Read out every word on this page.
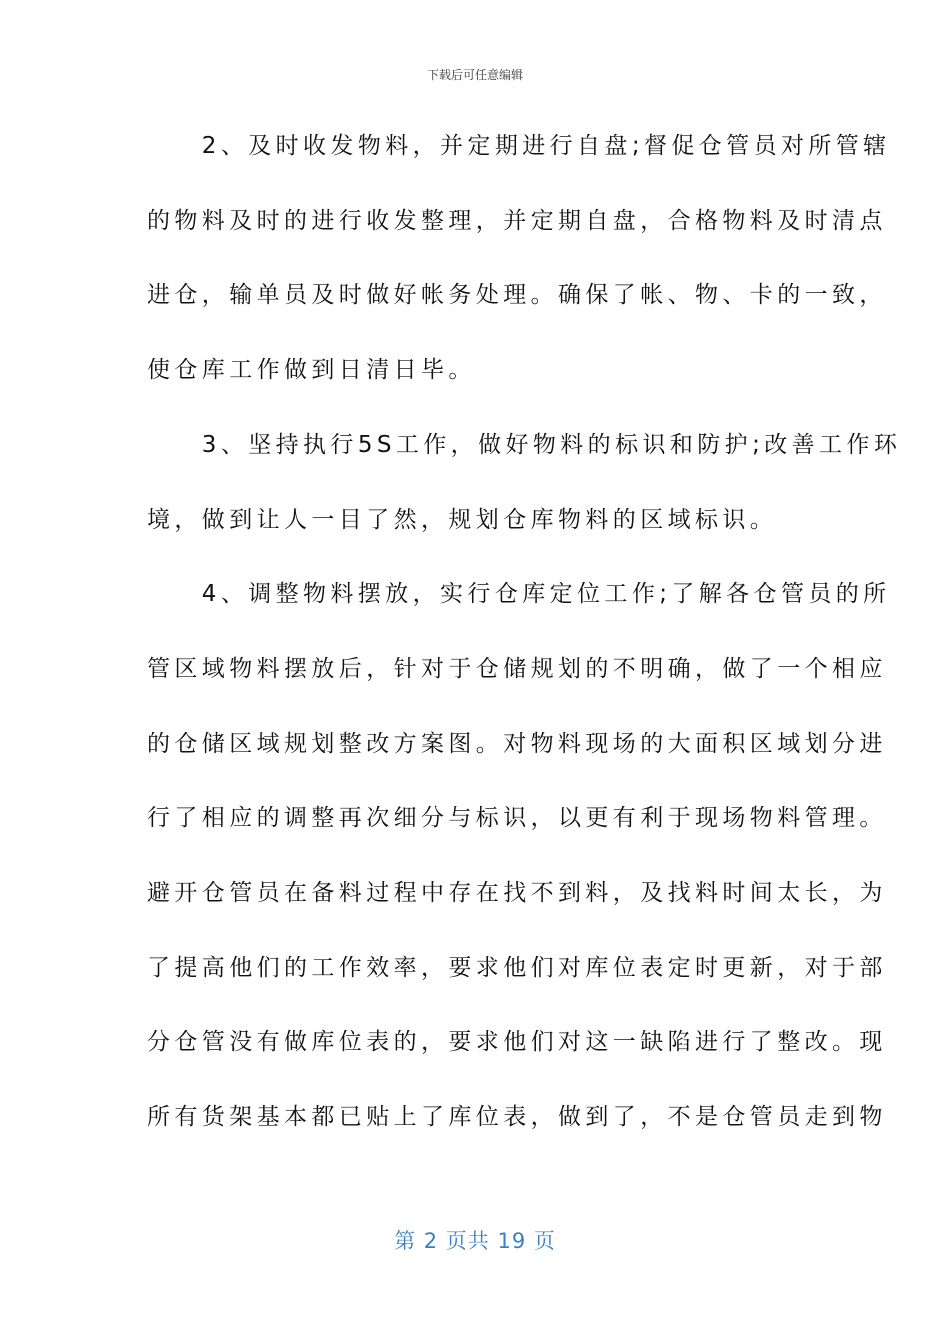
下载后可任意编辑
　　2、及时收发物料，并定期进行自盘;督促仓管员对所管辖
的物料及时的进行收发整理，并定期自盘，合格物料及时清点
进仓，输单员及时做好帐务处理。确保了帐、物、卡的一致，
使仓库工作做到日清日毕。
　　3、坚持执行5S工作，做好物料的标识和防护;改善工作环
境，做到让人一目了然，规划仓库物料的区域标识。
　　4、调整物料摆放，实行仓库定位工作;了解各仓管员的所
管区域物料摆放后，针对于仓储规划的不明确，做了一个相应
的仓储区域规划整改方案图。对物料现场的大面积区域划分进
行了相应的调整再次细分与标识，以更有利于现场物料管理。
避开仓管员在备料过程中存在找不到料，及找料时间太长，为
了提高他们的工作效率，要求他们对库位表定时更新，对于部
分仓管没有做库位表的，要求他们对这一缺陷进行了整改。现
所有货架基本都已贴上了库位表，做到了，不是仓管员走到物
第 2 页共 19 页
